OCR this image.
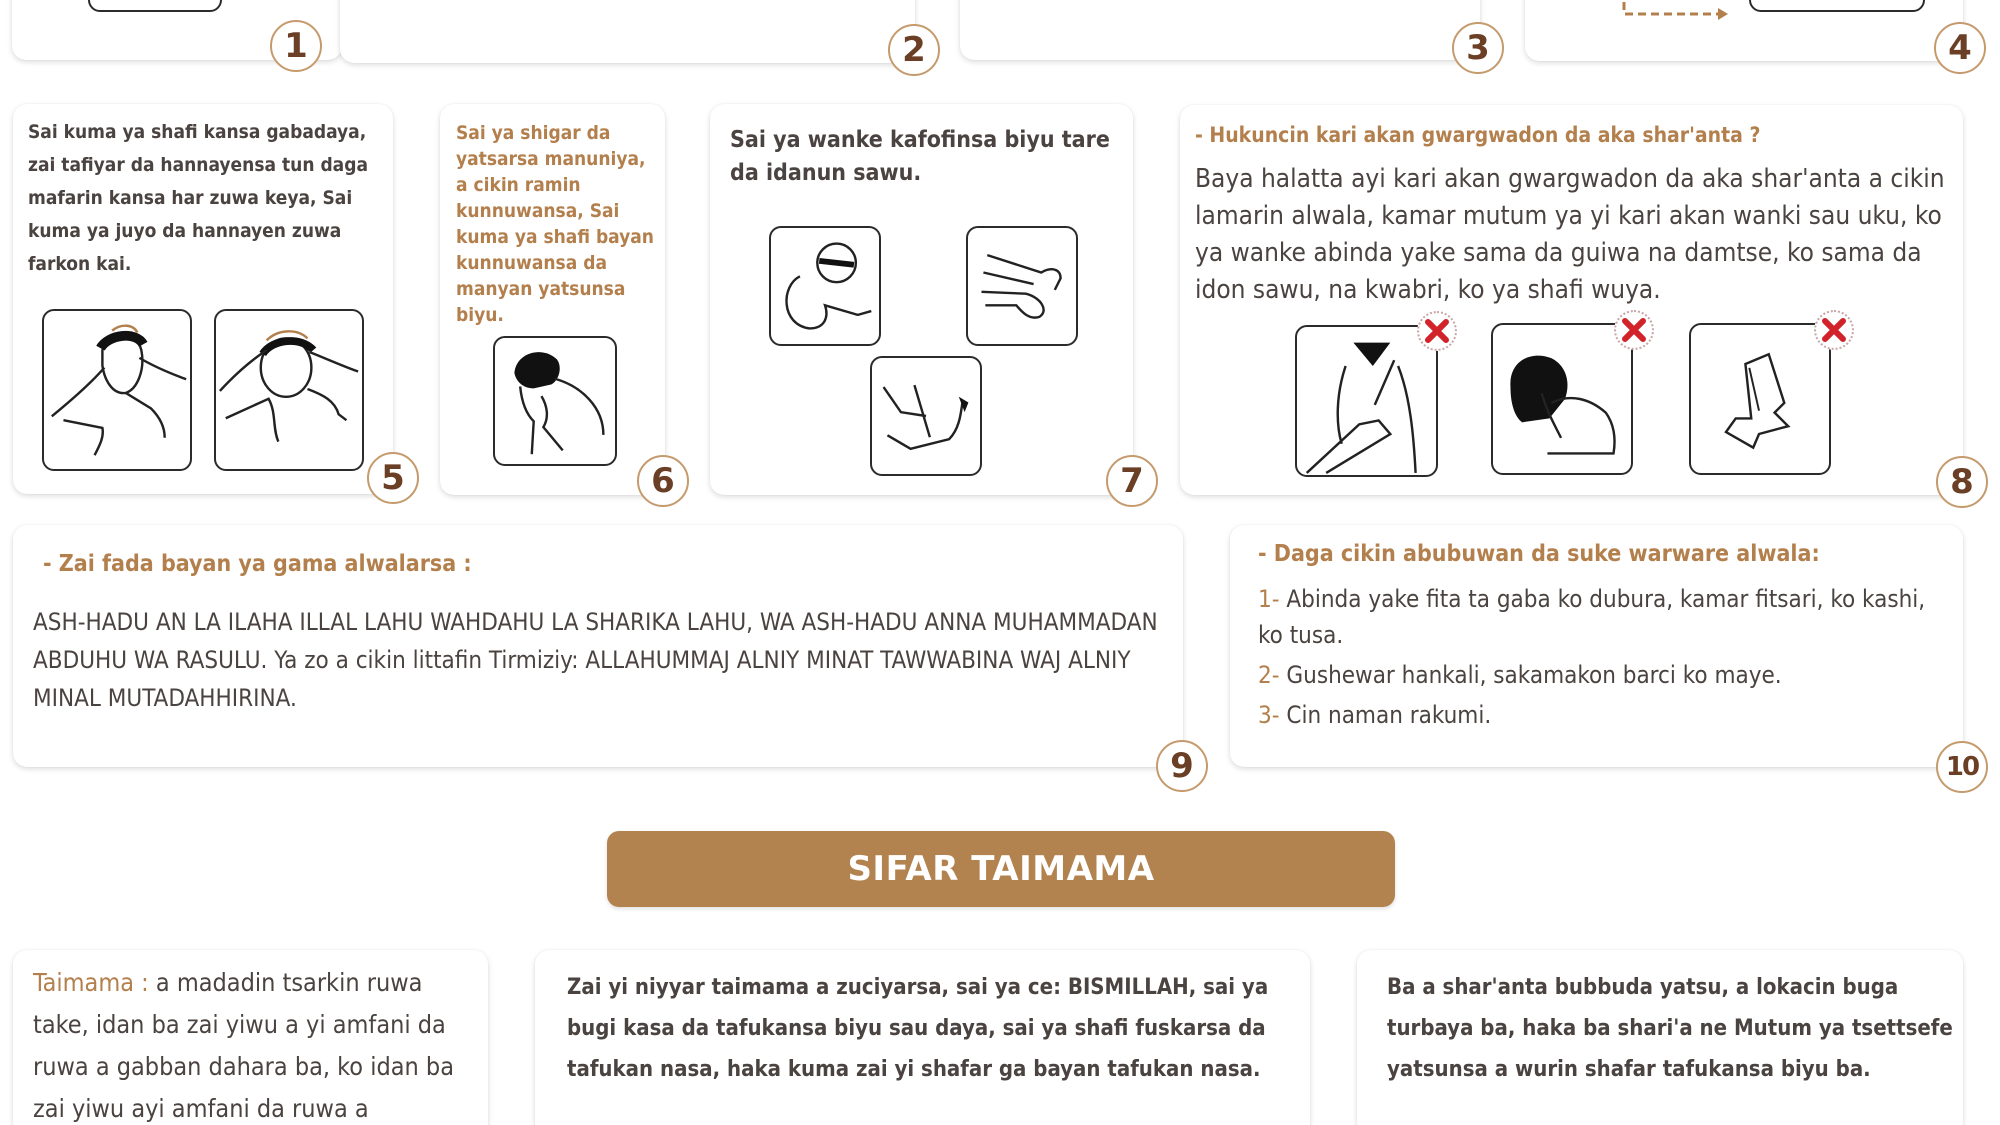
1	2	3	4
Sai kuma ya shafi kansa gabadaya, zai tafiyar da hannayensa tun daga mafarin kansa har zuwa keya, Sai kuma ya juyo da hannayen zuwa farkon kai.
5
Sai ya shigar da yatsarsa manuniya, a cikin ramin kunnuwansa, Sai kuma ya shafi bayan kunnuwansa da manyan yatsunsa biyu.
6
Sai ya wanke kafofinsa biyu tare da idanun sawu.
7
- Hukuncin kari akan gwargwadon da aka shar'anta ?
Baya halatta ayi kari akan gwargwadon da aka shar'anta a cikin lamarin alwala, kamar mutum ya yi kari akan wanki sau uku, ko ya wanke abinda yake sama da guiwa na damtse, ko sama da idon sawu, na kwabri, ko ya shafi wuya.
8
- Zai fada bayan ya gama alwalarsa :
ASH-HADU AN LA ILAHA ILLAL LAHU WAHDAHU LA SHARIKA LAHU, WA ASH-HADU ANNA MUHAMMADAN ABDUHU WA RASULU. Ya zo a cikin littafin Tirmiziy: ALLAHUMMAJ ALNIY MINAT TAWWABINA WAJ ALNIY MINAL MUTADAHHIRINA.
9
- Daga cikin abubuwan da suke warware alwala:
1- Abinda yake fita ta gaba ko dubura, kamar fitsari, ko kashi, ko tusa.
2- Gushewar hankali, sakamakon barci ko maye.
3- Cin naman rakumi.
10
SIFAR TAIMAMA
Taimama : a madadin tsarkin ruwa take, idan ba zai yiwu a yi amfani da ruwa a gabban dahara ba, ko idan ba zai yiwu ayi amfani da ruwa a
Zai yi niyyar taimama a zuciyarsa, sai ya ce: BISMILLAH, sai ya bugi kasa da tafukansa biyu sau daya, sai ya shafi fuskarsa da tafukan nasa, haka kuma zai yi shafar ga bayan tafukan nasa.
Ba a shar'anta bubbuda yatsu, a lokacin buga turbaya ba, haka ba shari'a ne Mutum ya tsettsefe yatsunsa a wurin shafar tafukansa biyu ba.
